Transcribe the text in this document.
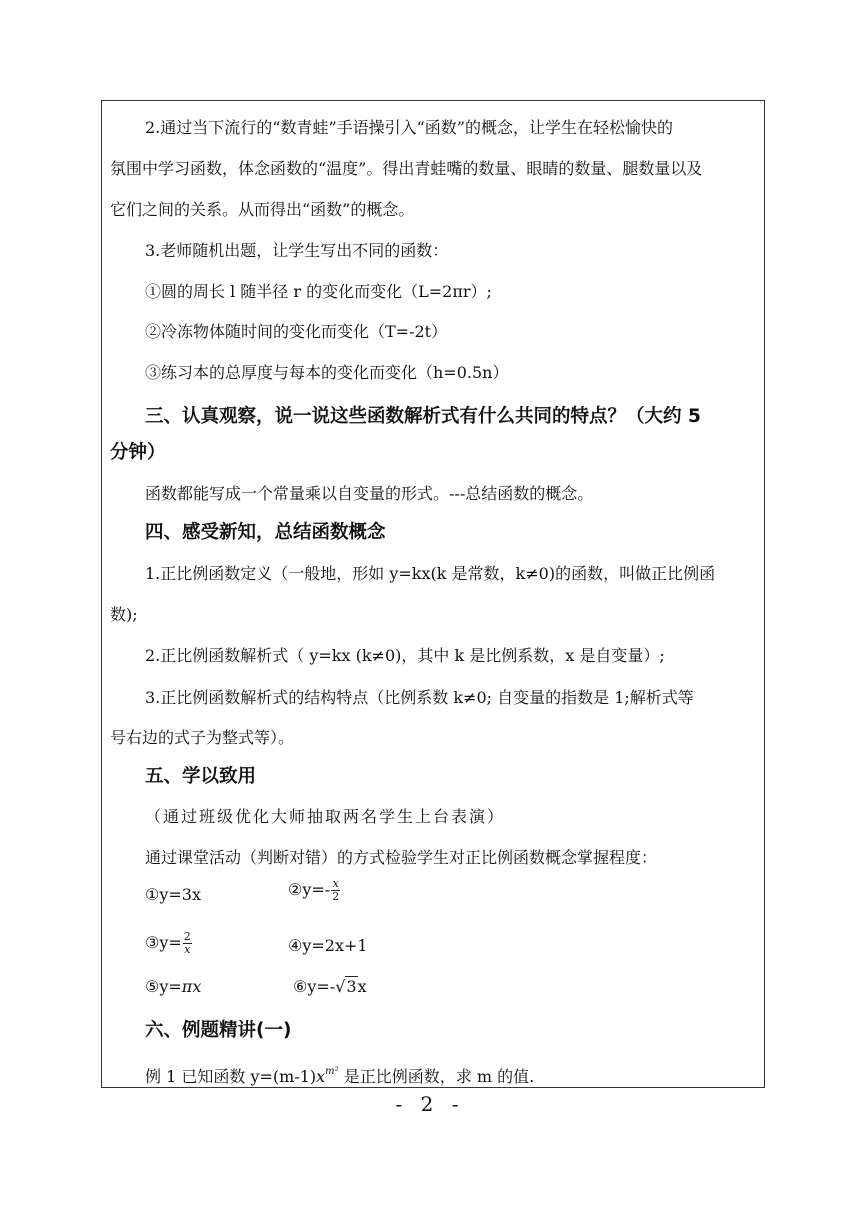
2.通过当下流行的“数青蛙”手语操引入“函数”的概念，让学生在轻松愉快的
氛围中学习函数，体念函数的“温度”。得出青蛙嘴的数量、眼睛的数量、腿数量以及
它们之间的关系。从而得出“函数”的概念。
3.老师随机出题，让学生写出不同的函数：
①圆的周长 l 随半径 r 的变化而变化（L=2πr）;
②冷冻物体随时间的变化而变化（T=-2t）
③练习本的总厚度与每本的变化而变化（h=0.5n）
三、认真观察，说一说这些函数解析式有什么共同的特点？（大约 5
分钟）
函数都能写成一个常量乘以自变量的形式。---总结函数的概念。
四、感受新知，总结函数概念
1.正比例函数定义（一般地，形如 y=kx(k 是常数，k≠0)的函数，叫做正比例函
数);
2.正比例函数解析式（ y=kx (k≠0)，其中 k 是比例系数，x 是自变量）;
3.正比例函数解析式的结构特点（比例系数 k≠0; 自变量的指数是 1;解析式等
号右边的式子为整式等）。
五、学以致用
（通过班级优化大师抽取两名学生上台表演）
通过课堂活动（判断对错）的方式检验学生对正比例函数概念掌握程度：
①y=3x	②y=- $\frac{x}{2}$
③y= $\frac{2}{x}$	④y=2x+1
⑤y=πx	⑥y=-√3x
六、例题精讲(一)
例 1 已知函数 $y=(m-1)x^{m^2}$ 是正比例函数，求 m 的值.
- 2 -
